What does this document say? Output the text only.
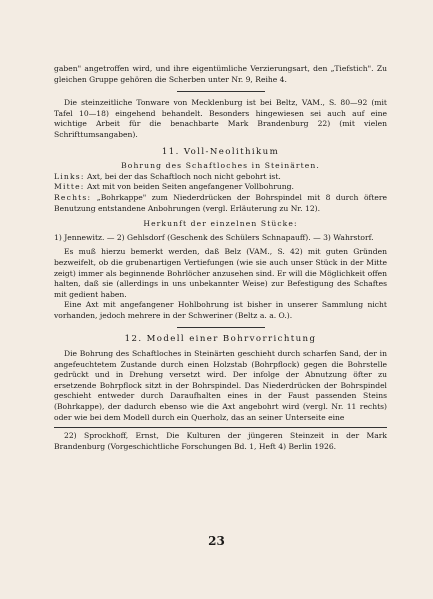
gaben" angetroffen wird, und ihre eigentümliche Verzierungsart, den „Tiefstich". Zu gleichen Gruppe gehören die Scherben unter Nr. 9, Reihe 4.

Die steinzeitliche Tonware von Mecklenburg ist bei Beltz, VAM., S. 80—92 (mit Tafel 10—18) eingehend behandelt. Besonders hingewiesen sei auch auf eine wichtige Arbeit für die benachbarte Mark Brandenburg 22) (mit vielen Schrifttumsangaben).

11. Voll-Neolithikum
Bohrung des Schaftloches in Steinärten.

Links: Axt, bei der das Schaftloch noch nicht gebohrt ist.

Mitte: Axt mit von beiden Seiten angefangener Vollbohrung.

Rechts: „Bohrkappe" zum Niederdrücken der Bohrspindel mit 8 durch öftere Benutzung entstandene Anbohrungen (vergl. Erläuterung zu Nr. 12).

Herkunft der einzelnen Stücke:

1) Jennewitz. — 2) Gehlsdorf (Geschenk des Schülers Schnapauff). — 3) Wahrstorf.

Es muß hierzu bemerkt werden, daß Belz (VAM., S. 42) mit guten Gründen bezweifelt, ob die grubenartigen Vertiefungen (wie sie auch unser Stück in der Mitte zeigt) immer als beginnende Bohrlöcher anzusehen sind. Er will die Möglichkeit offen halten, daß sie (allerdings in uns unbekannter Weise) zur Befestigung des Schaftes mit gedient haben.

Eine Axt mit angefangener Hohlbohrung ist bisher in unserer Sammlung nicht vorhanden, jedoch mehrere in der Schweriner (Beltz a. a. O.).

12. Modell einer Bohrvorrichtung

Die Bohrung des Schaftloches in Steinärten geschieht durch scharfen Sand, der in angefeuchtetem Zustande durch einen Holzstab (Bohrpflock) gegen die Bohrstelle gedrückt und in Drehung versetzt wird. Der infolge der Abnutzung öfter zu ersetzende Bohrpflock sitzt in der Bohrspindel. Das Niederdrücken der Bohrspindel geschieht entweder durch Daraufhalten eines in der Faust passenden Steins (Bohrkappe), der dadurch ebenso wie die Axt angebohrt wird (vergl. Nr. 11 rechts) oder wie bei dem Modell durch ein Querholz, das an seiner Unterseite eine

22) Sprockhoff, Ernst, Die Kulturen der jüngeren Steinzeit in der Mark Brandenburg (Vorgeschichtliche Forschungen Bd. 1, Heft 4) Berlin 1926.

23
